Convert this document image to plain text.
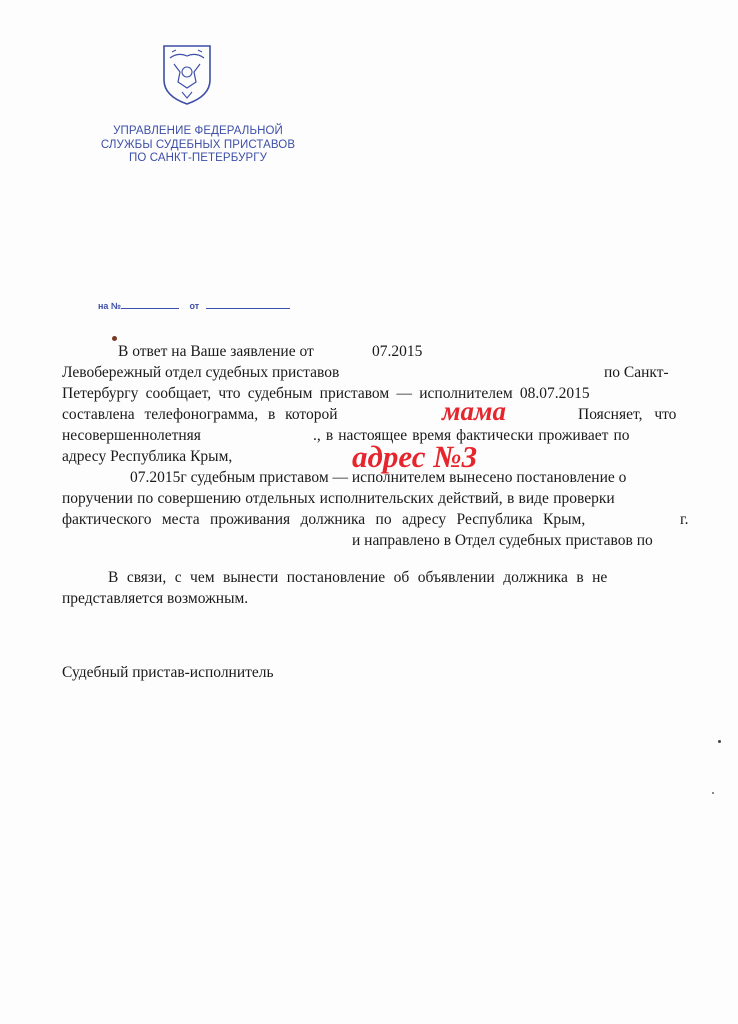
УПРАВЛЕНИЕ ФЕДЕРАЛЬНОЙ
СЛУЖБЫ СУДЕБНЫХ ПРИСТАВОВ
ПО САНКТ-ПЕТЕРБУРГУ
на №	от
В ответ на Ваше заявление от	07.2015
Левобережный отдел судебных приставов	по Санкт-
Петербургу сообщает, что судебным приставом — исполнителем 08.07.2015
составлена телефонограмма, в которой	Поясняет, что
несовершеннолетняя	., в настоящее время фактически проживает по
адресу Республика Крым,
07.2015г судебным приставом — исполнителем вынесено постановление о
поручении по совершению отдельных исполнительских действий, в виде проверки
фактического места проживания должника по адресу Республика Крым,	г.
и направлено в Отдел судебных приставов по
В связи, с чем вынести постановление об объявлении должника в не
представляется возможным.
Судебный пристав-исполнитель
мама
адрес №3
